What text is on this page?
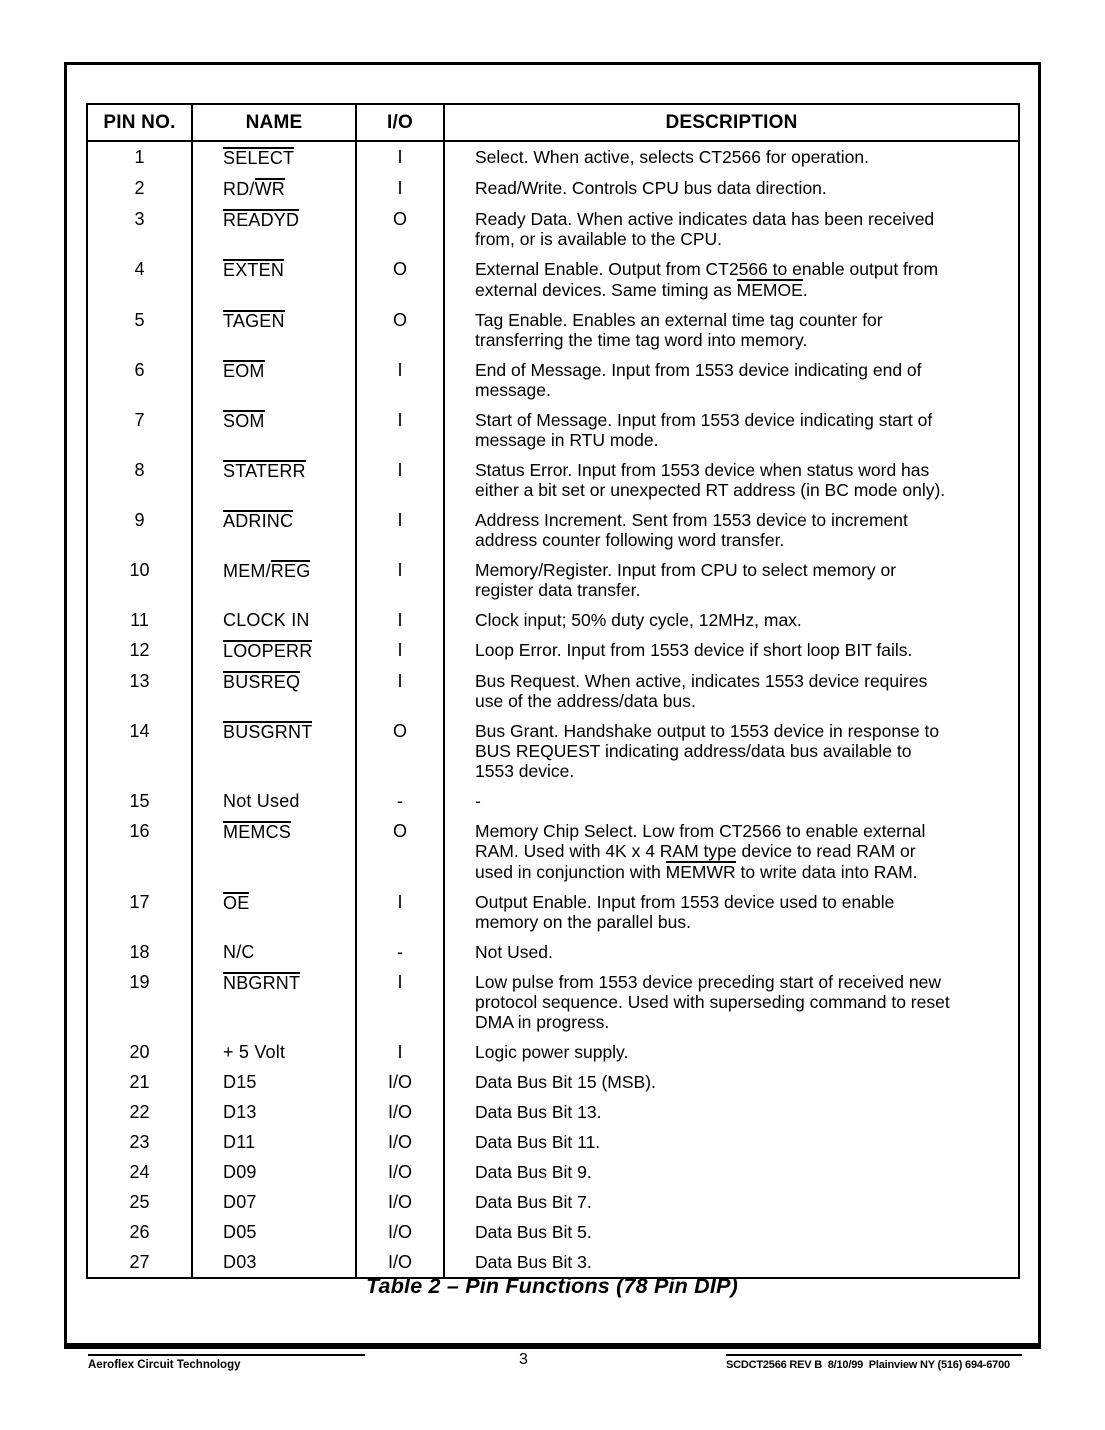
PIN NO.	NAME	I/O	DESCRIPTION
1	SELECT	I	Select. When active, selects CT2566 for operation.
2	RD/WR	I	Read/Write. Controls CPU bus data direction.
3	READYD	O	Ready Data. When active indicates data has been received
from, or is available to the CPU.
4	EXTEN	O	External Enable. Output from CT2566 to enable output from
external devices. Same timing as MEMOE.
5	TAGEN	O	Tag Enable. Enables an external time tag counter for
transferring the time tag word into memory.
6	EOM	I	End of Message. Input from 1553 device indicating end of
message.
7	SOM	I	Start of Message. Input from 1553 device indicating start of
message in RTU mode.
8	STATERR	I	Status Error. Input from 1553 device when status word has
either a bit set or unexpected RT address (in BC mode only).
9	ADRINC	I	Address Increment. Sent from 1553 device to increment
address counter following word transfer.
10	MEM/REG	I	Memory/Register. Input from CPU to select memory or
register data transfer.
11	CLOCK IN	I	Clock input; 50% duty cycle, 12MHz, max.
12	LOOPERR	I	Loop Error. Input from 1553 device if short loop BIT fails.
13	BUSREQ	I	Bus Request. When active, indicates 1553 device requires
use of the address/data bus.
14	BUSGRNT	O	Bus Grant. Handshake output to 1553 device in response to
BUS REQUEST indicating address/data bus available to
1553 device.
15	Not Used	-	-
16	MEMCS	O	Memory Chip Select. Low from CT2566 to enable external
RAM. Used with 4K x 4 RAM type device to read RAM or
used in conjunction with MEMWR to write data into RAM.
17	OE	I	Output Enable. Input from 1553 device used to enable
memory on the parallel bus.
18	N/C	-	Not Used.
19	NBGRNT	I	Low pulse from 1553 device preceding start of received new
protocol sequence. Used with superseding command to reset
DMA in progress.
20	+ 5 Volt	I	Logic power supply.
21	D15	I/O	Data Bus Bit 15 (MSB).
22	D13	I/O	Data Bus Bit 13.
23	D11	I/O	Data Bus Bit 11.
24	D09	I/O	Data Bus Bit 9.
25	D07	I/O	Data Bus Bit 7.
26	D05	I/O	Data Bus Bit 5.
27	D03	I/O	Data Bus Bit 3.
Table 2 – Pin Functions (78 Pin DIP)
Aeroflex Circuit Technology	3	SCDCT2566 REV B  8/10/99  Plainview NY (516) 694-6700
